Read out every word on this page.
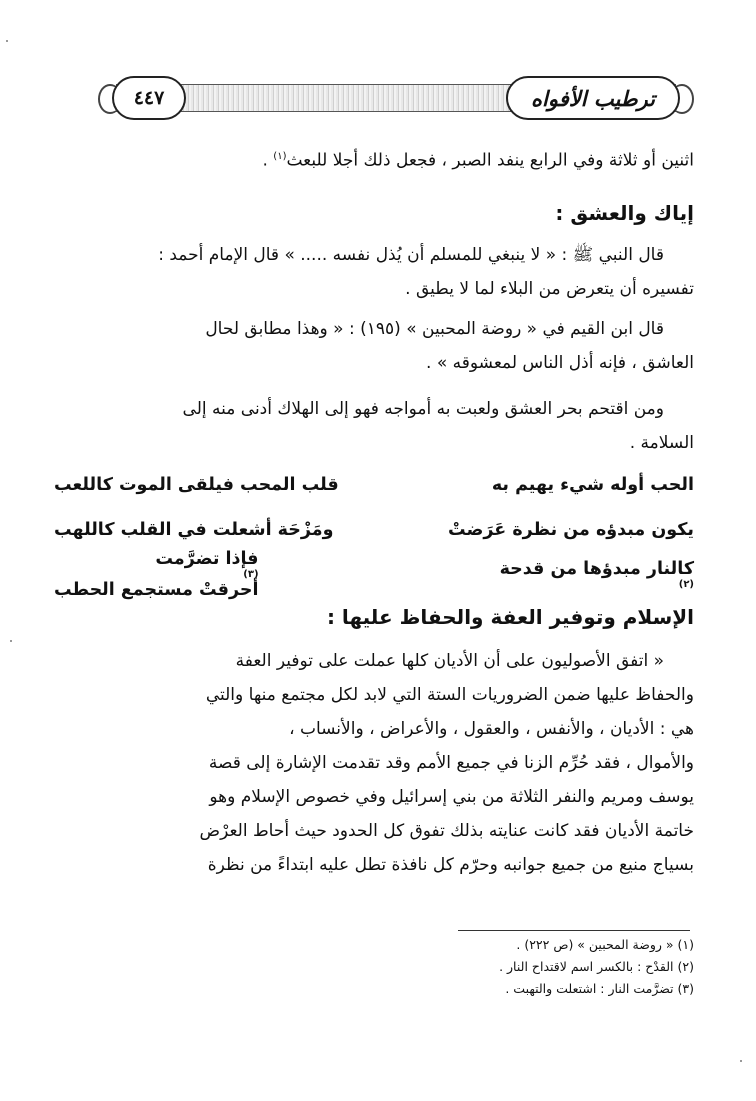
٤٤٧	ترطيب الأفواه
اثنين أو ثلاثة وفي الرابع ينفد الصبر ، فجعل ذلك أجلا للبعث$^{(١)}$ .
إياك والعشق :
قال النبي ﷺ : « لا ينبغي للمسلم أن يُذل نفسه ..... » قال الإمام أحمد :
تفسيره أن يتعرض من البلاء لما لا يطيق .
قال ابن القيم في « روضة المحبين » (١٩٥) : « وهذا مطابق لحال
العاشق ، فإنه أذل الناس لمعشوقه » .
ومن اقتحم بحر العشق ولعبت به أمواجه فهو إلى الهلاك أدنى منه إلى
السلامة .
الحب أوله شيء يهيم به
قلب المحب فيلقى الموت كاللعب
يكون مبدؤه من نظرة عَرَضتْ
ومَزْحَة أشعلت في القلب كاللهب
كالنار مبدؤها من قدحة
(٢)
فإذا تضرَّمت
(٣)
أحرقتْ مستجمع الحطب
الإسلام وتوفير العفة والحفاظ عليها :
« اتفق الأصوليون على أن الأديان كلها عملت على توفير العفة
والحفاظ عليها ضمن الضروريات الستة التي لابد لكل مجتمع منها والتي
هي : الأديان ، والأنفس ، والعقول ، والأعراض ، والأنساب ،
والأموال ، فقد حُرِّم الزنا في جميع الأمم وقد تقدمت الإشارة إلى قصة
يوسف ومريم والنفر الثلاثة من بني إسرائيل وفي خصوص الإسلام وهو
خاتمة الأديان فقد كانت عنايته بذلك تفوق كل الحدود حيث أحاط العرْض
بسياج منيع من جميع جوانبه وحرّم كل نافذة تطل عليه ابتداءً من نظرة
(١) « روضة المحبين » (ص ٢٢٢) .
(٢) القدْح : بالكسر اسم لاقتداح النار .
(٣) تضرَّمت النار : اشتعلت والتهبت .
